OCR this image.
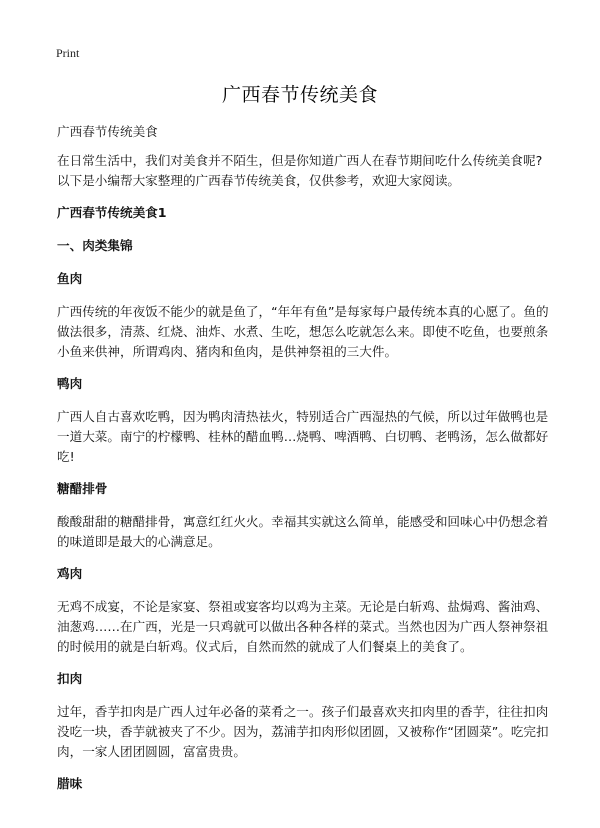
Print
广西春节传统美食

广西春节传统美食

在日常生活中，我们对美食并不陌生，但是你知道广西人在春节期间吃什么传统美食呢?以下是小编帮大家整理的广西春节传统美食，仅供参考，欢迎大家阅读。

广西春节传统美食1

一、肉类集锦

鱼肉

广西传统的年夜饭不能少的就是鱼了，“年年有鱼”是每家每户最传统本真的心愿了。鱼的做法很多，清蒸、红烧、油炸、水煮、生吃，想怎么吃就怎么来。即使不吃鱼，也要煎条小鱼来供神，所谓鸡肉、猪肉和鱼肉，是供神祭祖的三大件。

鸭肉

广西人自古喜欢吃鸭，因为鸭肉清热祛火，特别适合广西湿热的气候，所以过年做鸭也是一道大菜。南宁的柠檬鸭、桂林的醋血鸭…烧鸭、啤酒鸭、白切鸭、老鸭汤，怎么做都好吃!

糖醋排骨

酸酸甜甜的糖醋排骨，寓意红红火火。幸福其实就这么简单，能感受和回味心中仍想念着的味道即是最大的心满意足。

鸡肉

无鸡不成宴，不论是家宴、祭祖或宴客均以鸡为主菜。无论是白斩鸡、盐焗鸡、酱油鸡、油葱鸡……在广西，光是一只鸡就可以做出各种各样的菜式。当然也因为广西人祭神祭祖的时候用的就是白斩鸡。仪式后，自然而然的就成了人们餐桌上的美食了。

扣肉

过年，香芋扣肉是广西人过年必备的菜肴之一。孩子们最喜欢夹扣肉里的香芋，往往扣肉没吃一块，香芋就被夹了不少。因为，荔浦芋扣肉形似团圆，又被称作“团圆菜”。吃完扣肉，一家人团团圆圆，富富贵贵。

腊味
